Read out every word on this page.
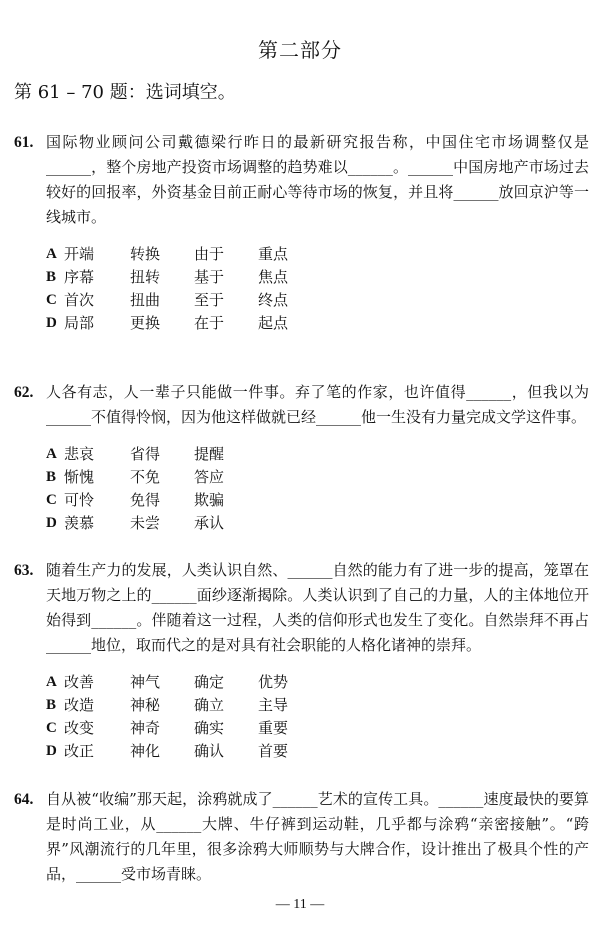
第二部分
第 61 – 70 题：选词填空。
61. 国际物业顾问公司戴德梁行昨日的最新研究报告称，中国住宅市场调整仅是______，整个房地产投资市场调整的趋势难以______。______中国房地产市场过去较好的回报率，外资基金目前正耐心等待市场的恢复，并且将______放回京沪等一线城市。

A 开端	转换	由于	重点
B 序幕	扭转	基于	焦点
C 首次	扭曲	至于	终点
D 局部	更换	在于	起点
62. 人各有志，人一辈子只能做一件事。弃了笔的作家，也许值得______，但我以为______不值得怜悯，因为他这样做就已经______他一生没有力量完成文学这件事。

A 悲哀	省得	提醒
B 惭愧	不免	答应
C 可怜	免得	欺骗
D 羡慕	未尝	承认
63. 随着生产力的发展，人类认识自然、______自然的能力有了进一步的提高，笼罩在天地万物之上的______面纱逐渐揭除。人类认识到了自己的力量，人的主体地位开始得到______。伴随着这一过程，人类的信仰形式也发生了变化。自然崇拜不再占______地位，取而代之的是对具有社会职能的人格化诸神的崇拜。

A 改善	神气	确定	优势
B 改造	神秘	确立	主导
C 改变	神奇	确实	重要
D 改正	神化	确认	首要
64. 自从被“收编”那天起，涂鸦就成了______艺术的宣传工具。______速度最快的要算是时尚工业，从______大牌、牛仔裤到运动鞋，几乎都与涂鸦“亲密接触”。“跨界”风潮流行的几年里，很多涂鸦大师顺势与大牌合作，设计推出了极具个性的产品，______受市场青睐。

— 11 —
